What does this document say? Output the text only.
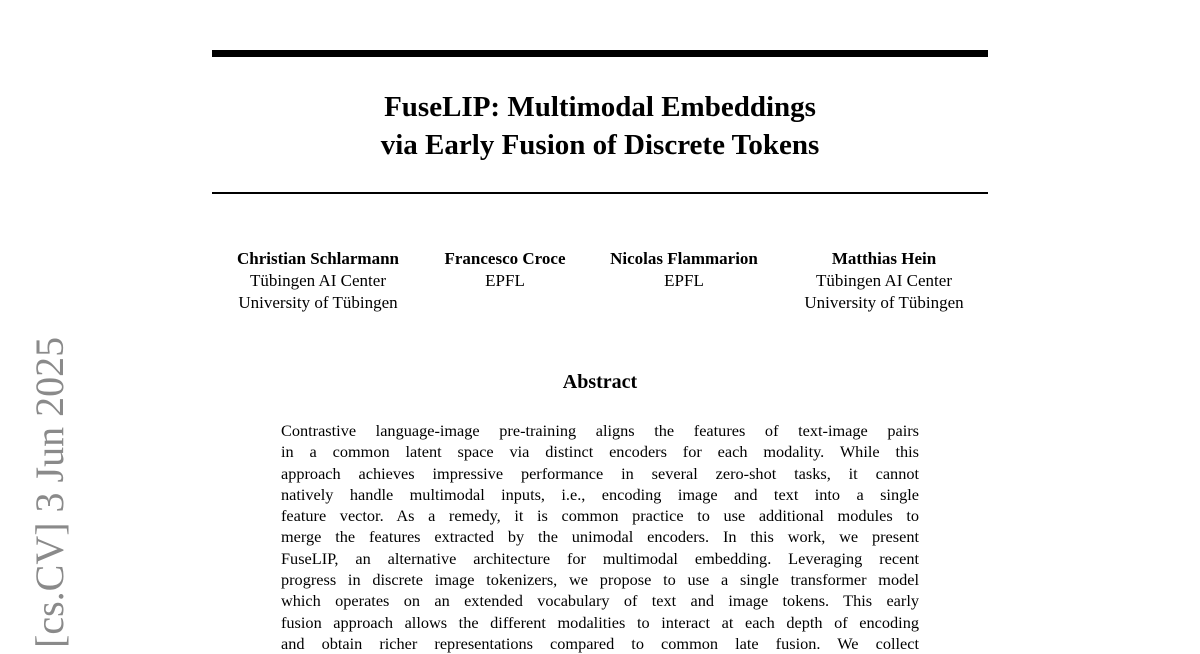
FuseLIP: Multimodal Embeddings
via Early Fusion of Discrete Tokens
Christian Schlarmann
Tübingen AI Center
University of Tübingen
Francesco Croce
EPFL
Nicolas Flammarion
EPFL
Matthias Hein
Tübingen AI Center
University of Tübingen
Abstract
Contrastive language-image pre-training aligns the features of text-image pairs
in a common latent space via distinct encoders for each modality. While this
approach achieves impressive performance in several zero-shot tasks, it cannot
natively handle multimodal inputs, i.e., encoding image and text into a single
feature vector. As a remedy, it is common practice to use additional modules to
merge the features extracted by the unimodal encoders. In this work, we present
FuseLIP, an alternative architecture for multimodal embedding. Leveraging recent
progress in discrete image tokenizers, we propose to use a single transformer model
which operates on an extended vocabulary of text and image tokens. This early
fusion approach allows the different modalities to interact at each depth of encoding
and obtain richer representations compared to common late fusion. We collect
[cs.CV] 3 Jun 2025
